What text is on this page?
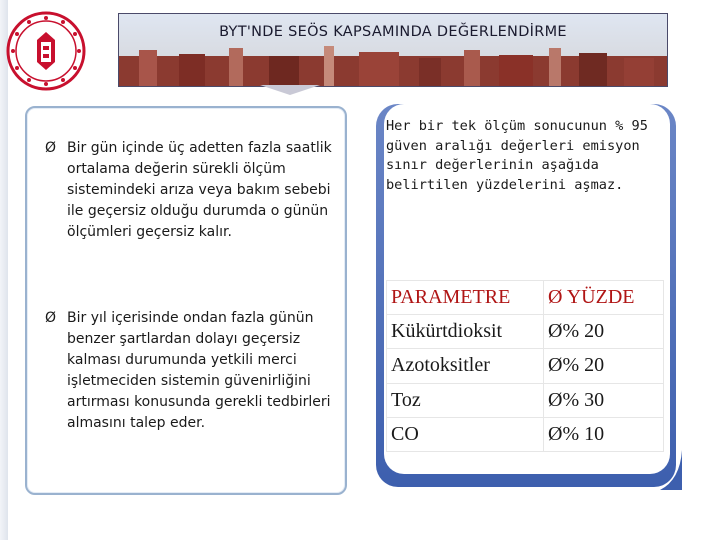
BYT'NDE SEÖS KAPSAMINDA DEĞERLENDİRME
Ø Bir gün içinde üç adetten fazla saatlik ortalama değerin sürekli ölçüm sistemindeki arıza veya bakım sebebi ile geçersiz olduğu durumda o günün ölçümleri geçersiz kalır.
Ø Bir yıl içerisinde ondan fazla günün benzer şartlardan dolayı geçersiz kalması durumunda yetkili merci işletmeciden sistemin güvenirliğini artırması konusunda gerekli tedbirleri almasını talep eder.
Her bir tek ölçüm sonucunun % 95 güven aralığı değerleri emisyon sınır değerlerinin aşağıda belirtilen yüzdelerini aşmaz.
PARAMETRE	Ø YÜZDE
Kükürtdioksit	Ø% 20
Azotoksitler	Ø% 20
Toz	Ø% 30
CO	Ø% 10
